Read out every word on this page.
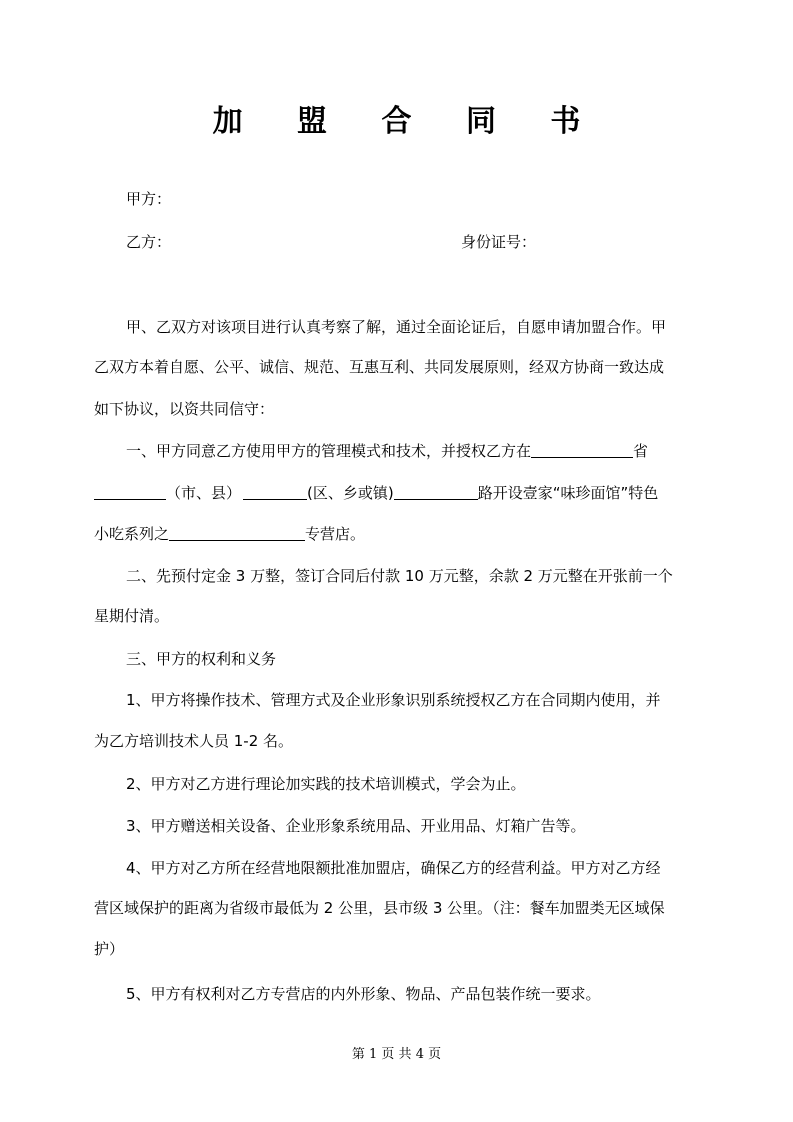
加 盟 合 同 书
甲方：
乙方：	身份证号：
甲、乙双方对该项目进行认真考察了解，通过全面论证后，自愿申请加盟合作。甲
乙双方本着自愿、公平、诚信、规范、互惠互利、共同发展原则，经双方协商一致达成
如下协议，以资共同信守：
一、甲方同意乙方使用甲方的管理模式和技术，并授权乙方在	省
（市、县）	(区、乡或镇)	路开设壹家“味珍面馆”特色
小吃系列之	专营店。
二、先预付定金 3 万整，签订合同后付款 10 万元整，余款 2 万元整在开张前一个
星期付清。
三、甲方的权利和义务
1、甲方将操作技术、管理方式及企业形象识别系统授权乙方在合同期内使用，并
为乙方培训技术人员 1-2 名。
2、甲方对乙方进行理论加实践的技术培训模式，学会为止。
3、甲方赠送相关设备、企业形象系统用品、开业用品、灯箱广告等。
4、甲方对乙方所在经营地限额批准加盟店，确保乙方的经营利益。甲方对乙方经
营区域保护的距离为省级市最低为 2 公里，县市级 3 公里。（注：餐车加盟类无区域保
护）
5、甲方有权利对乙方专营店的内外形象、物品、产品包装作统一要求。
第 1 页 共 4 页
